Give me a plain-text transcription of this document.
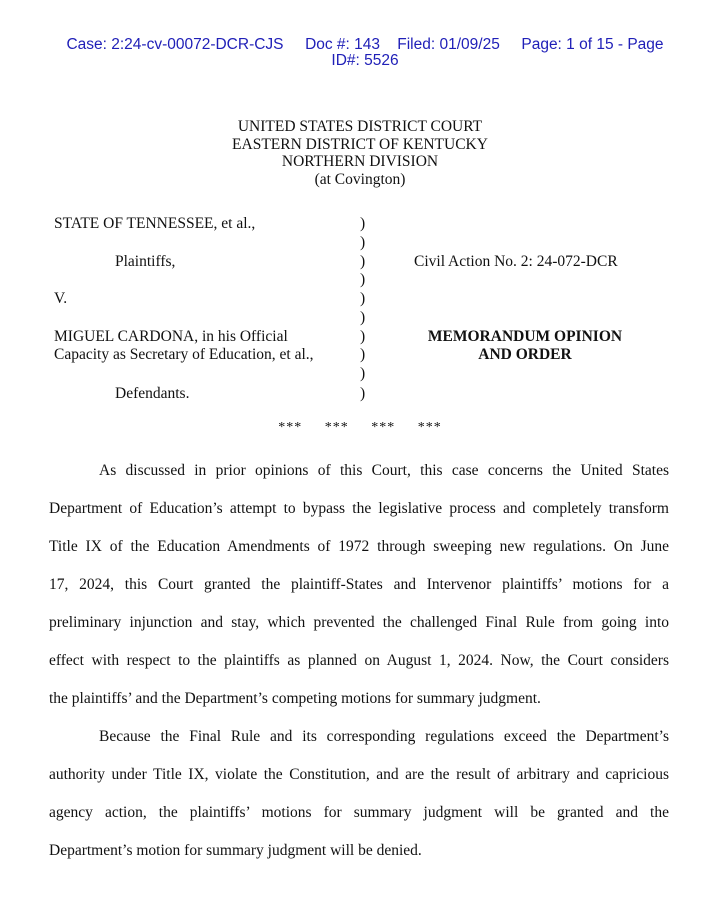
Case: 2:24-cv-00072-DCR-CJS Doc #: 143 Filed: 01/09/25 Page: 1 of 15 - Page
ID#: 5526
UNITED STATES DISTRICT COURT
EASTERN DISTRICT OF KENTUCKY
NORTHERN DIVISION
(at Covington)
STATE OF TENNESSEE, et al.,
Plaintiffs,
V.
MIGUEL CARDONA, in his Official
Capacity as Secretary of Education, et al.,
Defendants.
)
)
)
)
)
)
)
)
)
)
Civil Action No. 2: 24-072-DCR
MEMORANDUM OPINION
AND ORDER
***     ***     ***     ***
As discussed in prior opinions of this Court, this case concerns the United States
Department of Education’s attempt to bypass the legislative process and completely transform
Title IX of the Education Amendments of 1972 through sweeping new regulations. On June
17, 2024, this Court granted the plaintiff-States and Intervenor plaintiffs’ motions for a
preliminary injunction and stay, which prevented the challenged Final Rule from going into
effect with respect to the plaintiffs as planned on August 1, 2024. Now, the Court considers
the plaintiffs’ and the Department’s competing motions for summary judgment.
Because the Final Rule and its corresponding regulations exceed the Department’s
authority under Title IX, violate the Constitution, and are the result of arbitrary and capricious
agency action, the plaintiffs’ motions for summary judgment will be granted and the
Department’s motion for summary judgment will be denied.
